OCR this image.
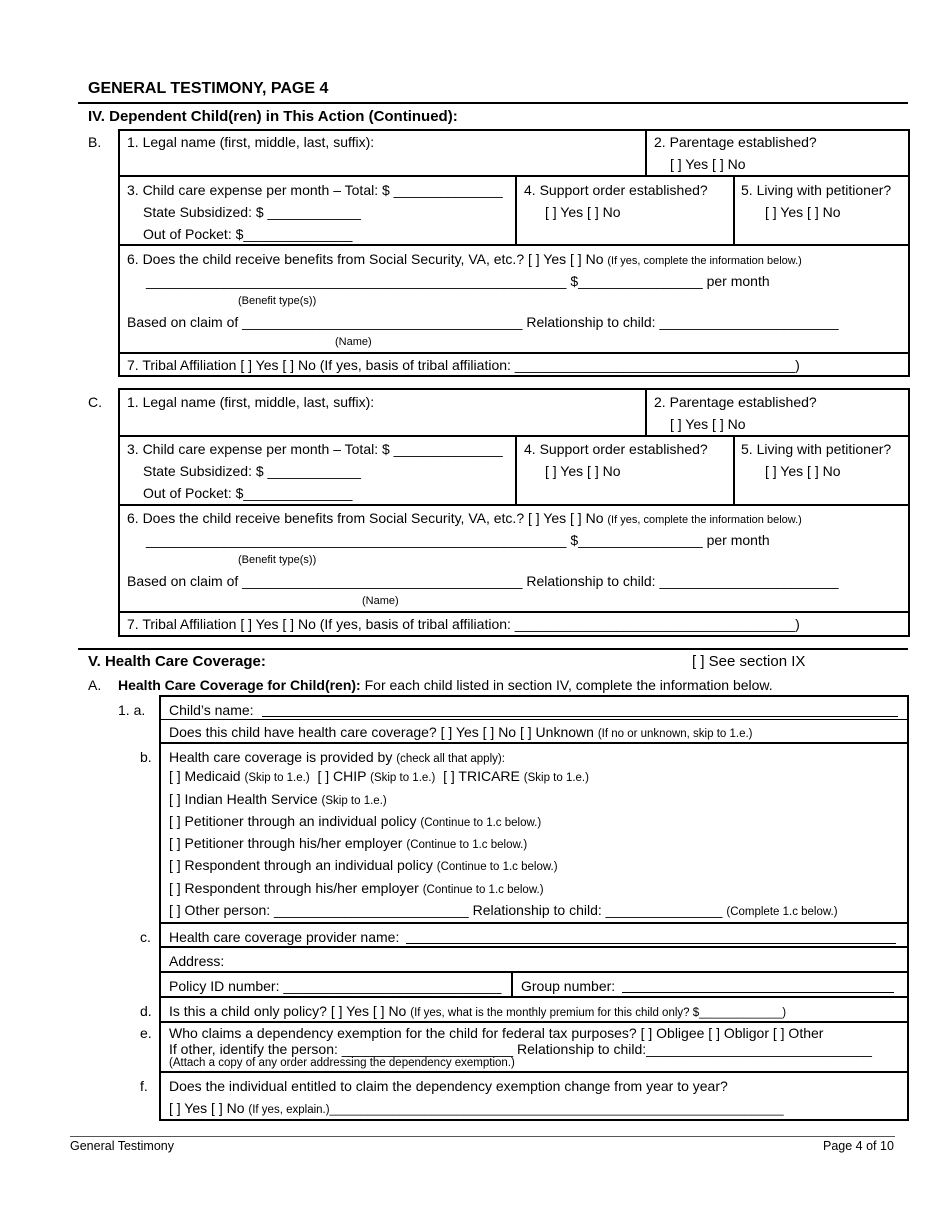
GENERAL TESTIMONY, PAGE 4
IV. Dependent Child(ren) in This Action (Continued):
B. 1. Legal name (first, middle, last, suffix):	2. Parentage established?
[ ] Yes [ ] No
3. Child care expense per month – Total: $ ______________
State Subsidized: $ ____________
Out of Pocket: $______________
4. Support order established?
[ ] Yes [ ] No
5. Living with petitioner?
[ ] Yes [ ] No
6. Does the child receive benefits from Social Security, VA, etc.? [ ] Yes [ ] No (If yes, complete the information below.)
______________________________________________________ $________________ per month
(Benefit type(s))
Based on claim of ____________________________________ Relationship to child: _______________________
(Name)
7. Tribal Affiliation [ ] Yes [ ] No (If yes, basis of tribal affiliation: ____________________________________)
C. 1. Legal name (first, middle, last, suffix):	2. Parentage established?
[ ] Yes [ ] No
3. Child care expense per month – Total: $ ______________
State Subsidized: $ ____________
Out of Pocket: $______________
4. Support order established?
[ ] Yes [ ] No
5. Living with petitioner?
[ ] Yes [ ] No
6. Does the child receive benefits from Social Security, VA, etc.? [ ] Yes [ ] No (If yes, complete the information below.)
______________________________________________________ $________________ per month
(Benefit type(s))
Based on claim of ____________________________________ Relationship to child: _______________________
(Name)
7. Tribal Affiliation [ ] Yes [ ] No (If yes, basis of tribal affiliation: ____________________________________)
V. Health Care Coverage:	[ ] See section IX
A. Health Care Coverage for Child(ren): For each child listed in section IV, complete the information below.
1. a. Child’s name:
Does this child have health care coverage? [ ] Yes [ ] No [ ] Unknown (If no or unknown, skip to 1.e.)
b. Health care coverage is provided by (check all that apply):
[ ] Medicaid (Skip to 1.e.) [ ] CHIP (Skip to 1.e.) [ ] TRICARE (Skip to 1.e.)
[ ] Indian Health Service (Skip to 1.e.)
[ ] Petitioner through an individual policy (Continue to 1.c below.)
[ ] Petitioner through his/her employer (Continue to 1.c below.)
[ ] Respondent through an individual policy (Continue to 1.c below.)
[ ] Respondent through his/her employer (Continue to 1.c below.)
[ ] Other person: _________________________ Relationship to child: _______________ (Complete 1.c below.)
c. Health care coverage provider name:
Address:
Policy ID number: ____________________________ Group number:
d. Is this a child only policy? [ ] Yes [ ] No (If yes, what is the monthly premium for this child only? $_____________)
e. Who claims a dependency exemption for the child for federal tax purposes? [ ] Obligee [ ] Obligor [ ] Other
If other, identify the person: ______________________ Relationship to child:_____________________________
(Attach a copy of any order addressing the dependency exemption.)
f. Does the individual entitled to claim the dependency exemption change from year to year?
[ ] Yes [ ] No (If yes, explain.)_______________________________________________________________________
General Testimony	Page 4 of 10
